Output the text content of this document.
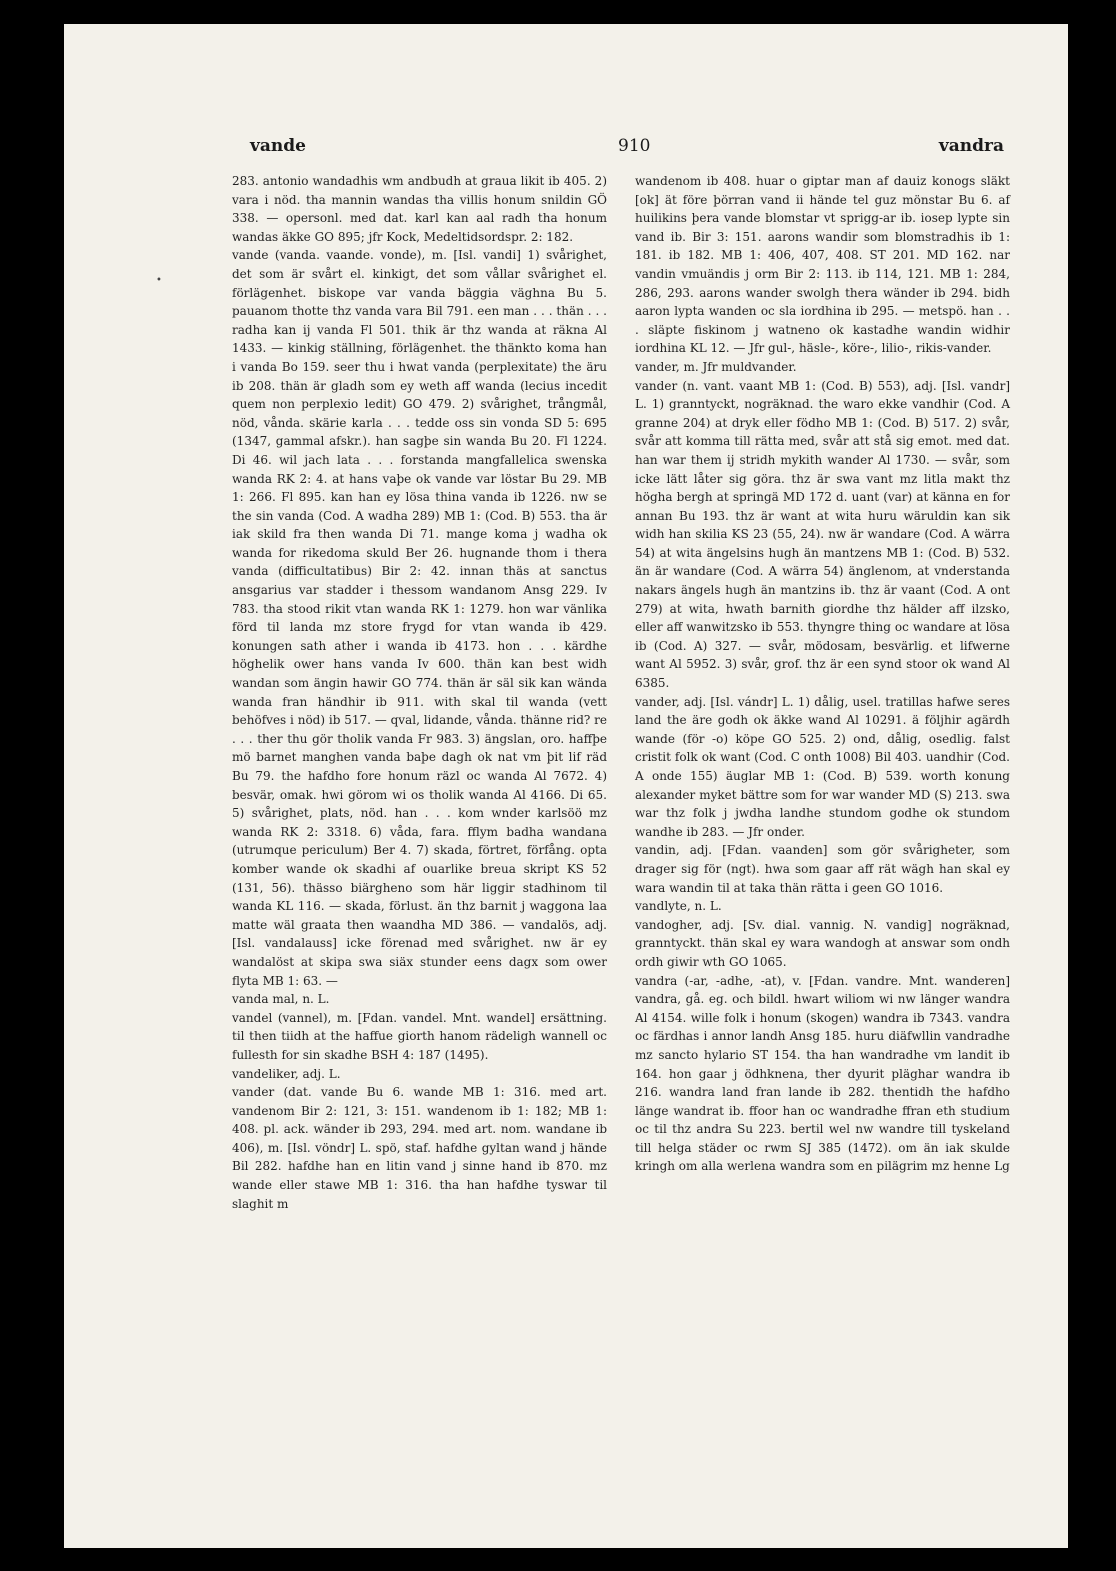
vande	910	vandra
•

283. antonio wandadhis wm andbudh at graua likit ib 405. 2) vara i nöd. tha mannin wandas tha villis honum snildin GÖ 338. — opersonl. med dat. karl kan aal radh tha honum wandas äkke GO 895; jfr Kock, Medeltidsordspr. 2: 182.

vande (vanda. vaande. vonde), m. [Isl. vandi] 1) svårighet, det som är svårt el. kinkigt, det som vållar svårighet el. förlägenhet. biskope var vanda bäggia väghna Bu 5. pauanom thotte thz vanda vara Bil 791. een man . . . thän . . . radha kan ij vanda Fl 501. thik är thz wanda at räkna Al 1433. — kinkig ställning, förlägenhet. the thänkto koma han i vanda Bo 159. seer thu i hwat vanda (perplexitate) the äru ib 208. thän är gladh som ey weth aff wanda (lecius incedit quem non perplexio ledit) GO 479. 2) svårighet, trångmål, nöd, vånda. skärie karla . . . tedde oss sin vonda SD 5: 695 (1347, gammal afskr.). han sagþe sin wanda Bu 20. Fl 1224. Di 46. wil jach lata . . . forstanda mangfallelica swenska wanda RK 2: 4. at hans vaþe ok vande var löstar Bu 29. MB 1: 266. Fl 895. kan han ey lösa thina vanda ib 1226. nw se the sin vanda (Cod. A wadha 289) MB 1: (Cod. B) 553. tha är iak skild fra then wanda Di 71. mange koma j wadha ok wanda for rikedoma skuld Ber 26. hugnande thom i thera vanda (difficultatibus) Bir 2: 42. innan thäs at sanctus ansgarius var stadder i thessom wandanom Ansg 229. Iv 783. tha stood rikit vtan wanda RK 1: 1279. hon war vänlika förd til landa mz store frygd for vtan wanda ib 429. konungen sath ather i wanda ib 4173. hon . . . kärdhe höghelik ower hans vanda Iv 600. thän kan best widh wandan som ängin hawir GO 774. thän är säl sik kan wända wanda fran händhir ib 911. with skal til wanda (vett behöfves i nöd) ib 517. — qval, lidande, vånda. thänne rid? re . . . ther thu gör tholik vanda Fr 983. 3) ängslan, oro. haffþe mö barnet manghen vanda baþe dagh ok nat vm þit lif räd Bu 79. the hafdho fore honum räzl oc wanda Al 7672. 4) besvär, omak. hwi görom wi os tholik wanda Al 4166. Di 65. 5) svårighet, plats, nöd. han . . . kom wnder karlsöö mz wanda RK 2: 3318. 6) våda, fara. fflym badha wandana (utrumque periculum) Ber 4. 7) skada, förtret, förfång. opta komber wande ok skadhi af ouarlike breua skript KS 52 (131, 56). thässo biärgheno som här liggir stadhinom til wanda KL 116. — skada, förlust. än thz barnit j waggona laa matte wäl graata then waandha MD 386. — vandalös, adj. [Isl. vandalauss] icke förenad med svårighet. nw är ey wandalöst at skipa swa siäx stunder eens dagx som ower flyta MB 1: 63. —

vanda mal, n. L.

vandel (vannel), m. [Fdan. vandel. Mnt. wandel] ersättning. til then tiidh at the haffue giorth hanom rädeligh wannell oc fullesth for sin skadhe BSH 4: 187 (1495).

vandeliker, adj. L.

vander (dat. vande Bu 6. wande MB 1: 316. med art. vandenom Bir 2: 121, 3: 151. wandenom ib 1: 182; MB 1: 408. pl. ack. wänder ib 293, 294. med art. nom. wandane ib 406), m. [Isl. vöndr] L. spö, staf. hafdhe gyltan wand j hände Bil 282. hafdhe han en litin vand j sinne hand ib 870. mz wande eller stawe MB 1: 316. tha han hafdhe tyswar til slaghit m

wandenom ib 408. huar o giptar man af dauiz konogs släkt [ok] ät före þörran vand ii hände tel guz mönstar Bu 6. af huilikins þera vande blomstar vt sprigg-ar ib. iosep lypte sin vand ib. Bir 3: 151. aarons wandir som blomstradhis ib 1: 181. ib 182. MB 1: 406, 407, 408. ST 201. MD 162. nar vandin vmuändis j orm Bir 2: 113. ib 114, 121. MB 1: 284, 286, 293. aarons wander swolgh thera wänder ib 294. bidh aaron lypta wanden oc sla iordhina ib 295. — metspö. han . . . släpte fiskinom j watneno ok kastadhe wandin widhir iordhina KL 12. — Jfr gul-, häsle-, köre-, lilio-, rikis-vander.

vander, m. Jfr muldvander.

vander (n. vant. vaant MB 1: (Cod. B) 553), adj. [Isl. vandr] L. 1) granntyckt, nogräknad. the waro ekke vandhir (Cod. A granne 204) at dryk eller födho MB 1: (Cod. B) 517. 2) svår, svår att komma till rätta med, svår att stå sig emot. med dat. han war them ij stridh mykith wander Al 1730. — svår, som icke lätt låter sig göra. thz är swa vant mz litla makt thz högha bergh at springä MD 172 d. uant (var) at känna en for annan Bu 193. thz är want at wita huru wäruldin kan sik widh han skilia KS 23 (55, 24). nw är wandare (Cod. A wärra 54) at wita ängelsins hugh än mantzens MB 1: (Cod. B) 532. än är wandare (Cod. A wärra 54) änglenom, at vnderstanda nakars ängels hugh än mantzins ib. thz är vaant (Cod. A ont 279) at wita, hwath barnith giordhe thz hälder aff ilzsko, eller aff wanwitzsko ib 553. thyngre thing oc wandare at lösa ib (Cod. A) 327. — svår, mödosam, besvärlig. et lifwerne want Al 5952. 3) svår, grof. thz är een synd stoor ok wand Al 6385.

vander, adj. [Isl. vándr] L. 1) dålig, usel. tratillas hafwe seres land the äre godh ok äkke wand Al 10291. ä följhir agärdh wande (för -o) köpe GO 525. 2) ond, dålig, osedlig. falst cristit folk ok want (Cod. C onth 1008) Bil 403. uandhir (Cod. A onde 155) äuglar MB 1: (Cod. B) 539. worth konung alexander myket bättre som for war wander MD (S) 213. swa war thz folk j jwdha landhe stundom godhe ok stundom wandhe ib 283. — Jfr onder.

vandin, adj. [Fdan. vaanden] som gör svårigheter, som drager sig för (ngt). hwa som gaar aff rät wägh han skal ey wara wandin til at taka thän rätta i geen GO 1016.

vandlyte, n. L.

vandogher, adj. [Sv. dial. vannig. N. vandig] nogräknad, granntyckt. thän skal ey wara wandogh at answar som ondh ordh giwir wth GO 1065.

vandra (-ar, -adhe, -at), v. [Fdan. vandre. Mnt. wanderen] vandra, gå. eg. och bildl. hwart wiliom wi nw länger wandra Al 4154. wille folk i honum (skogen) wandra ib 7343. vandra oc färdhas i annor landh Ansg 185. huru diäfwllin vandradhe mz sancto hylario ST 154. tha han wandradhe vm landit ib 164. hon gaar j ödhknena, ther dyurit pläghar wandra ib 216. wandra land fran lande ib 282. thentidh the hafdho länge wandrat ib. ffoor han oc wandradhe ffran eth studium oc til thz andra Su 223. bertil wel nw wandre till tyskeland till helga städer oc rwm SJ 385 (1472). om än iak skulde kringh om alla werlena wandra som en pilägrim mz henne Lg
